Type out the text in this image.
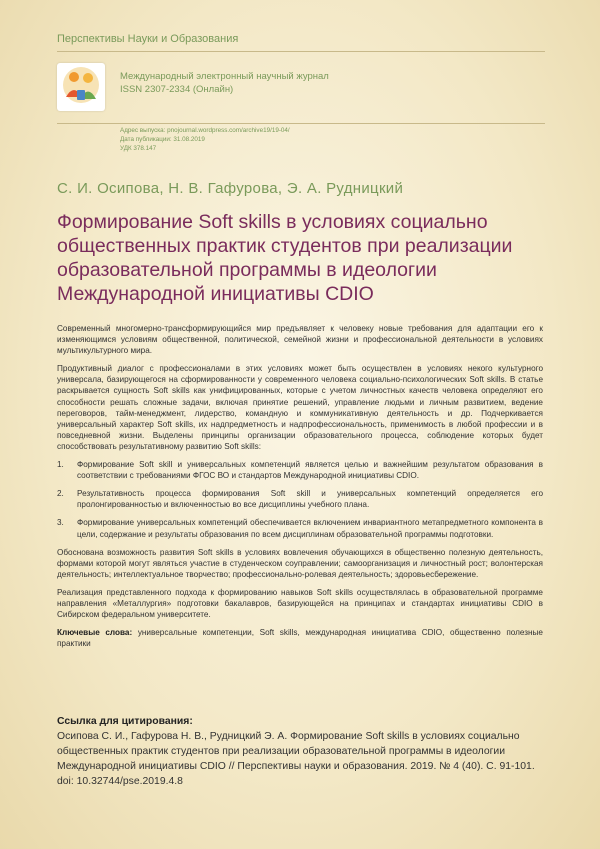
Перспективы Науки и Образования
Международный электронный научный журнал
ISSN 2307-2334 (Онлайн)
Адрес выпуска: pnojournal.wordpress.com/archive19/19-04/
Дата публикации: 31.08.2019
УДК 378.147
С. И. Осипова, Н. В. Гафурова, Э. А. Рудницкий
Формирование Soft skills в условиях социально общественных практик студентов при реализации образовательной программы в идеологии Международной инициативы CDIO

Современный многомерно-трансформирующийся мир предъявляет к человеку новые требования для адаптации его к изменяющимся условиям общественной, политической, семейной жизни и профессиональной деятельности в условиях мультикультурного мира.

Продуктивный диалог с профессионалами в этих условиях может быть осуществлен в условиях некого культурного универсала, базирующегося на сформированности у современного человека социально-психологических Soft skills. В статье раскрывается сущность Soft skills как унифицированных, которые с учетом личностных качеств человека определяют его способности решать сложные задачи, включая принятие решений, управление людьми и личным развитием, ведение переговоров, тайм-менеджмент, лидерство, командную и коммуникативную деятельность и др. Подчеркивается универсальный характер Soft skills, их надпредметность и надпрофессиональность, применимость в любой профессии и в повседневной жизни. Выделены принципы организации образовательного процесса, соблюдение которых будет способствовать результативному развитию Soft skills:

1.	Формирование Soft skill и универсальных компетенций является целью и важнейшим результатом образования в соответствии с требованиями ФГОС ВО и стандартов Международной инициативы CDIO.
2.	Результативность процесса формирования Soft skill и универсальных компетенций определяется его пролонгированностью и включенностью во все дисциплины учебного плана.
3.	Формирование универсальных компетенций обеспечивается включением инвариантного метапредметного компонента в цели, содержание и результаты образования по всем дисциплинам образовательной программы подготовки.

Обоснована возможность развития Soft skills в условиях вовлечения обучающихся в общественно полезную деятельность, формами которой могут являться участие в студенческом соуправлении; самоорганизация и личностный рост; волонтерская деятельность; интеллектуальное творчество; профессионально-ролевая деятельность; здоровьесбережение.

Реализация представленного подхода к формированию навыков Soft skills осуществлялась в образовательной программе направления «Металлургия» подготовки бакалавров, базирующейся на принципах и стандартах инициативы CDIO в Сибирском федеральном университете.

Ключевые слова: универсальные компетенции, Soft skills, международная инициатива CDIO, общественно полезные практики

Ссылка для цитирования:
Осипова С. И., Гафурова Н. В., Рудницкий Э. А. Формирование Soft skills в условиях социально общественных практик студентов при реализации образовательной программы в идеологии Международной инициативы CDIO // Перспективы науки и образования. 2019. № 4 (40). С. 91-101. doi: 10.32744/pse.2019.4.8
